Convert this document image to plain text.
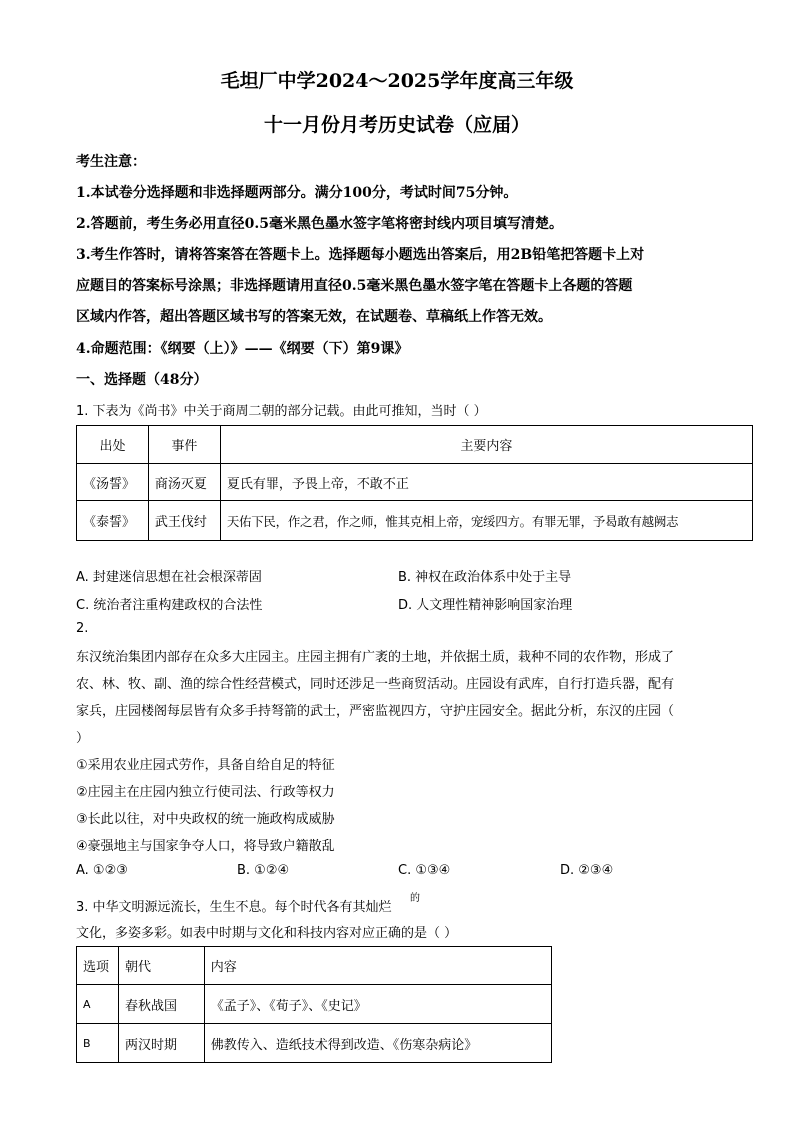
毛坦厂中学2024～2025学年度高三年级
十一月份月考历史试卷（应届）
考生注意：
1.本试卷分选择题和非选择题两部分。满分100分，考试时间75分钟。
2.答题前，考生务必用直径0.5毫米黑色墨水签字笔将密封线内项目填写清楚。
3.考生作答时，请将答案答在答题卡上。选择题每小题选出答案后，用2B铅笔把答题卡上对
应题目的答案标号涂黑；非选择题请用直径0.5毫米黑色墨水签字笔在答题卡上各题的答题
区域内作答，超出答题区域书写的答案无效，在试题卷、草稿纸上作答无效。
4.命题范围：《纲要（上）》——《纲要（下）第9课》
一、选择题（48分）
1. 下表为《尚书》中关于商周二朝的部分记载。由此可推知，当时（ ）
出处	事件	主要内容
《汤誓》	商汤灭夏	夏氏有罪，予畏上帝，不敢不正
《泰誓》	武王伐纣	天佑下民，作之君，作之师，惟其克相上帝，宠绥四方。有罪无罪，予曷敢有越阙志
A. 封建迷信思想在社会根深蒂固	B. 神权在政治体系中处于主导
C. 统治者注重构建政权的合法性	D. 人文理性精神影响国家治理
2.
东汉统治集团内部存在众多大庄园主。庄园主拥有广袤的土地，并依据土质，栽种不同的农作物，形成了
农、林、牧、副、渔的综合性经营模式，同时还涉足一些商贸活动。庄园设有武库，自行打造兵器，配有
家兵，庄园楼阁每层皆有众多手持弩箭的武士，严密监视四方，守护庄园安全。据此分析，东汉的庄园（
）
①采用农业庄园式劳作，具备自给自足的特征
②庄园主在庄园内独立行使司法、行政等权力
③长此以往，对中央政权的统一施政构成威胁
④豪强地主与国家争夺人口，将导致户籍散乱
A. ①②③	B. ①②④	C. ①③④	D. ②③④
3. 中华文明源远流长，生生不息。每个时代各有其灿烂
的
文化，多姿多彩。如表中时期与文化和科技内容对应正确的是（ ）
选项	朝代	内容
A	春秋战国	《孟子》、《荀子》、《史记》
B	两汉时期	佛教传入、造纸技术得到改造、《伤寒杂病论》
